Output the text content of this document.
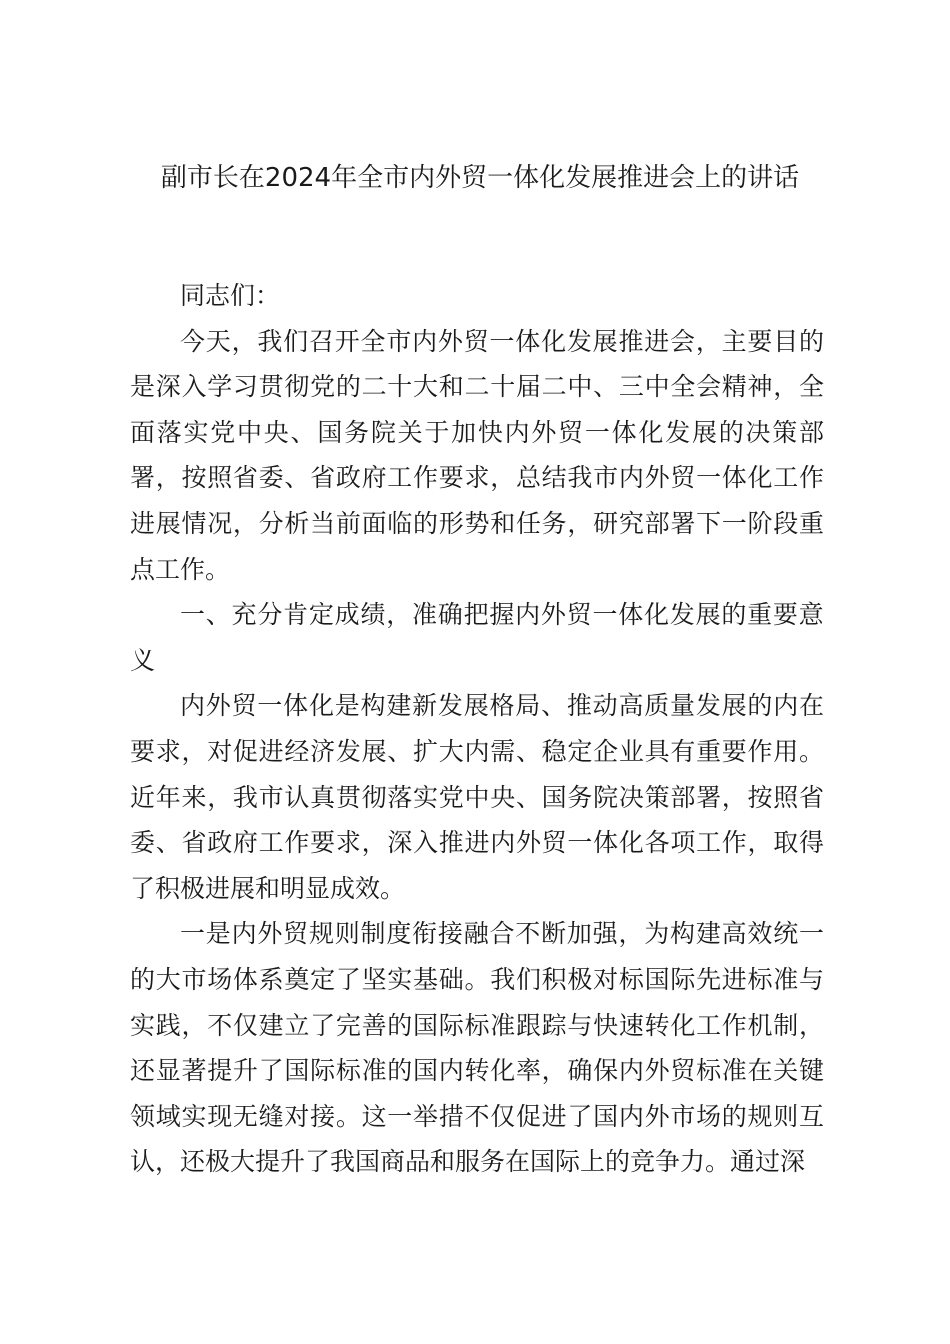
副市长在2024年全市内外贸一体化发展推进会上的讲话

同志们：

今天，我们召开全市内外贸一体化发展推进会，主要目的是深入学习贯彻党的二十大和二十届二中、三中全会精神，全面落实党中央、国务院关于加快内外贸一体化发展的决策部署，按照省委、省政府工作要求，总结我市内外贸一体化工作进展情况，分析当前面临的形势和任务，研究部署下一阶段重点工作。

一、充分肯定成绩，准确把握内外贸一体化发展的重要意义

内外贸一体化是构建新发展格局、推动高质量发展的内在要求，对促进经济发展、扩大内需、稳定企业具有重要作用。近年来，我市认真贯彻落实党中央、国务院决策部署，按照省委、省政府工作要求，深入推进内外贸一体化各项工作，取得了积极进展和明显成效。

一是内外贸规则制度衔接融合不断加强，为构建高效统一的大市场体系奠定了坚实基础。我们积极对标国际先进标准与实践，不仅建立了完善的国际标准跟踪与快速转化工作机制，还显著提升了国际标准的国内转化率，确保内外贸标准在关键领域实现无缝对接。这一举措不仅促进了国内外市场的规则互认，还极大提升了我国商品和服务在国际上的竞争力。通过深
